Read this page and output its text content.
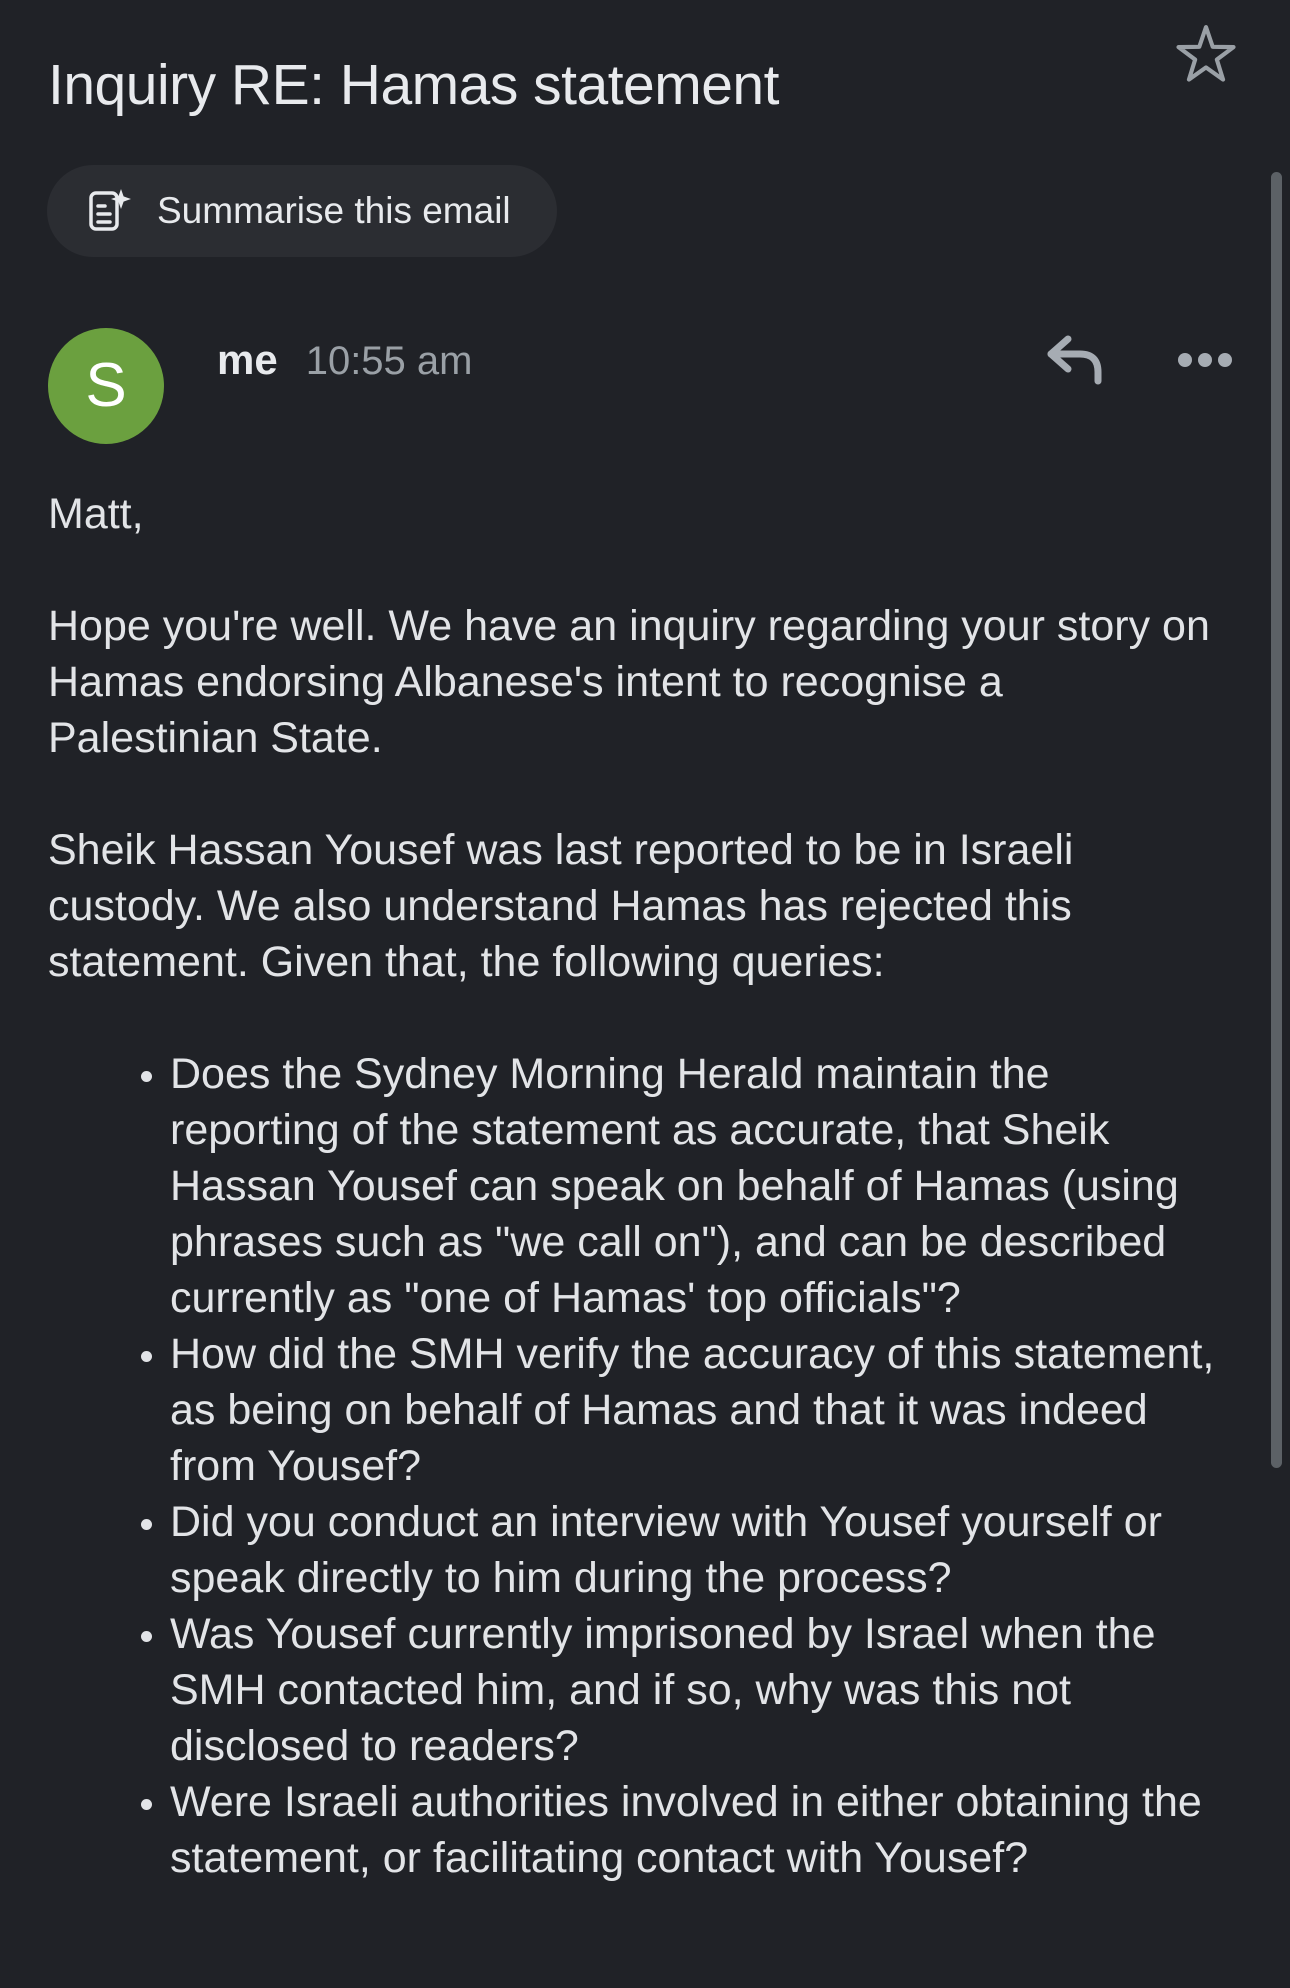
Inquiry RE: Hamas statement
Summarise this email
S me 10:55 am

Matt,

Hope you're well. We have an inquiry regarding your story on Hamas endorsing Albanese's intent to recognise a Palestinian State.

Sheik Hassan Yousef was last reported to be in Israeli custody. We also understand Hamas has rejected this statement. Given that, the following queries:

• Does the Sydney Morning Herald maintain the reporting of the statement as accurate, that Sheik Hassan Yousef can speak on behalf of Hamas (using phrases such as "we call on"), and can be described currently as "one of Hamas' top officials"?
• How did the SMH verify the accuracy of this statement, as being on behalf of Hamas and that it was indeed from Yousef?
• Did you conduct an interview with Yousef yourself or speak directly to him during the process?
• Was Yousef currently imprisoned by Israel when the SMH contacted him, and if so, why was this not disclosed to readers?
• Were Israeli authorities involved in either obtaining the statement, or facilitating contact with Yousef?
